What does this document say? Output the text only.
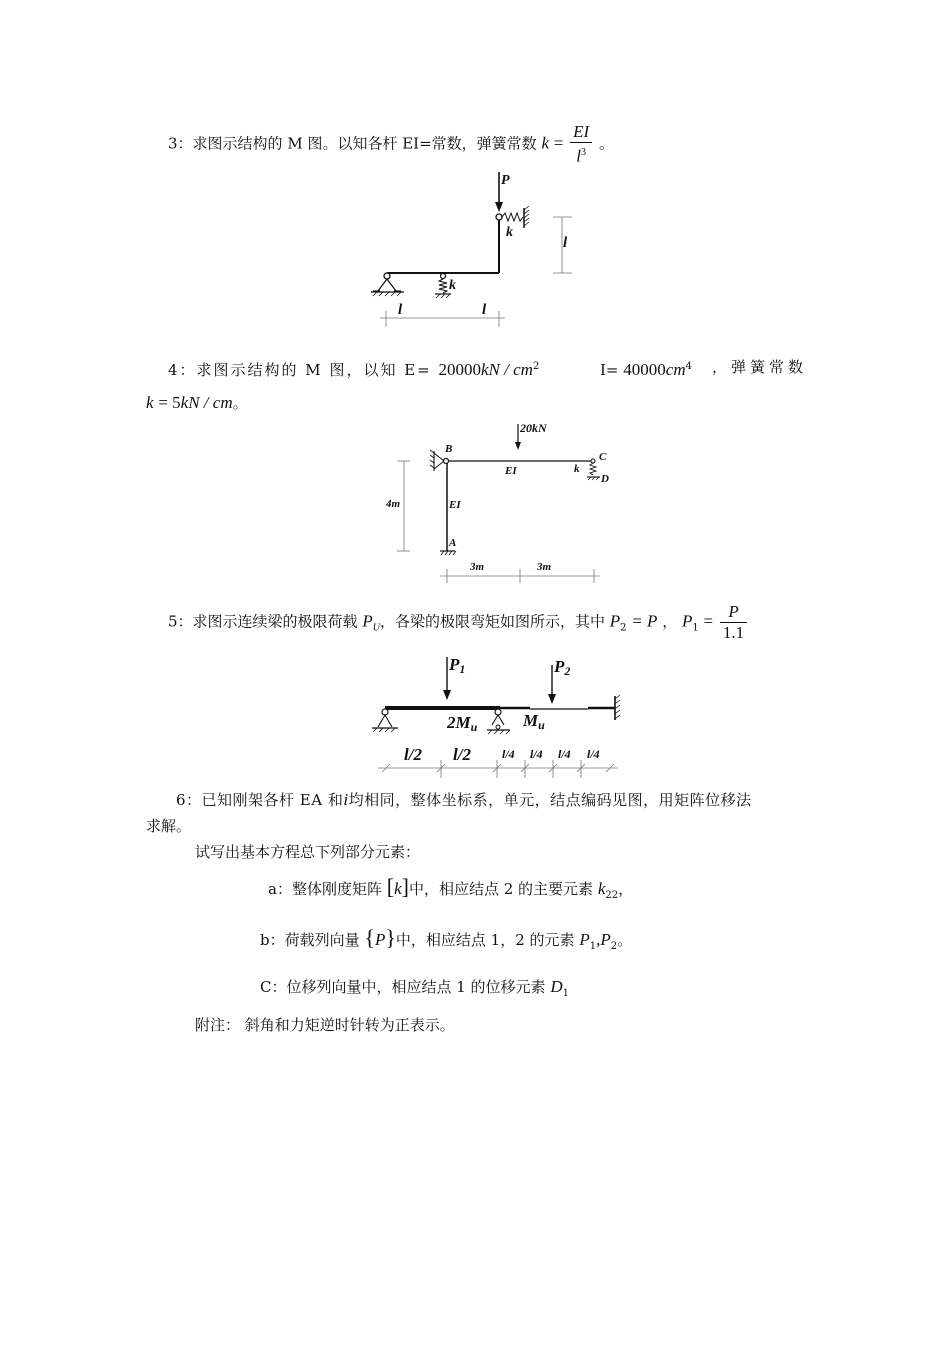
3：求图示结构的 M 图。以知各杆 EI=常数，弹簧常数 $k = \frac{EI}{l^3}$ 。
P
k
k
l
l	l
4：求图示结构的 M 图，以知 $E= 20000kN / cm^2$	$I= 40000cm^4$ ，弹簧常数
k = 5kN / cm。
20kN
EI
EI
B
A
k
C
D
4m
3m	3m
5：求图示连续梁的极限荷载 $P_U$，各梁的极限弯矩如图所示，其中 $P_2 = P$ ， $P_1 = \frac{P}{1.1}$
P1	P2
2Mu	Mu
l/2 l/2	l/4 l/4 l/4 l/4
6：已知刚架各杆 EA 和i均相同，整体坐标系，单元，结点编码见图，用矩阵位移法
求解。
试写出基本方程总下列部分元素：
a：整体刚度矩阵 [k]中，相应结点 2 的主要元素 $k_{22}$，
b：荷载列向量 {P}中，相应结点 1，2 的元素 $P_1,P_2$。
C：位移列向量中，相应结点 1 的位移元素 $D_1$
附注： 斜角和力矩逆时针转为正表示。
